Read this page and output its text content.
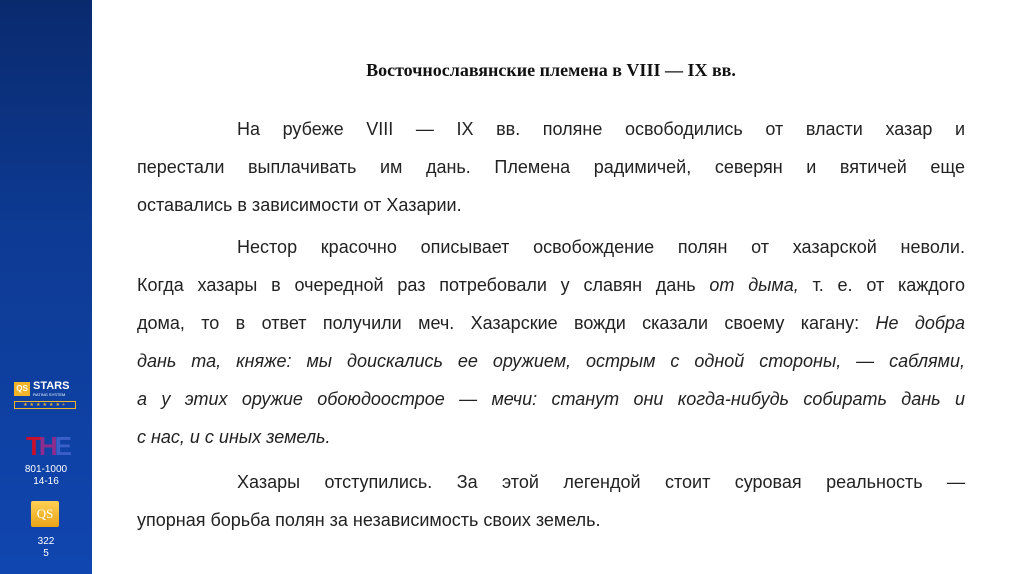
QS STARS
RATING SYSTEM
★★★★★★+
THE
801-1000
14-16
QS
322
5
Восточнославянские племена в VIII — IX вв.
На рубеже VIII — IX вв. поляне освободились от власти хазар и
перестали выплачивать им дань. Племена радимичей, северян и вятичей еще
оставались в зависимости от Хазарии.
Нестор красочно описывает освобождение полян от хазарской неволи.
Когда хазары в очередной раз потребовали у славян дань от дыма, т. е. от каждого
дома, то в ответ получили меч. Хазарские вожди сказали своему кагану: Не добра
дань та, княже: мы доискались ее оружием, острым с одной стороны, — саблями,
а у этих оружие обоюдоострое — мечи: станут они когда-нибудь собирать дань и
с нас, и с иных земель.
Хазары отступились. За этой легендой стоит суровая реальность —
упорная борьба полян за независимость своих земель.
